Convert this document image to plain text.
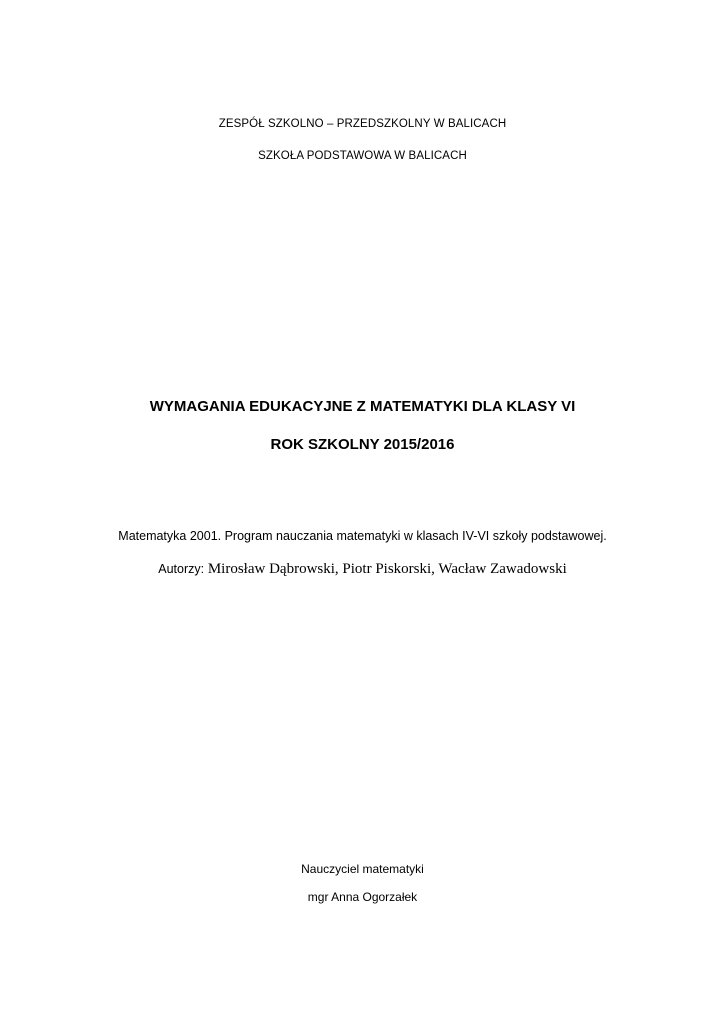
ZESPÓŁ SZKOLNO – PRZEDSZKOLNY W BALICACH
SZKOŁA PODSTAWOWA W BALICACH
WYMAGANIA EDUKACYJNE Z MATEMATYKI DLA KLASY VI
ROK SZKOLNY 2015/2016
Matematyka 2001. Program nauczania matematyki w klasach IV-VI szkoły podstawowej.
Autorzy: Mirosław Dąbrowski, Piotr Piskorski, Wacław Zawadowski
Nauczyciel matematyki
mgr Anna Ogorzałek
